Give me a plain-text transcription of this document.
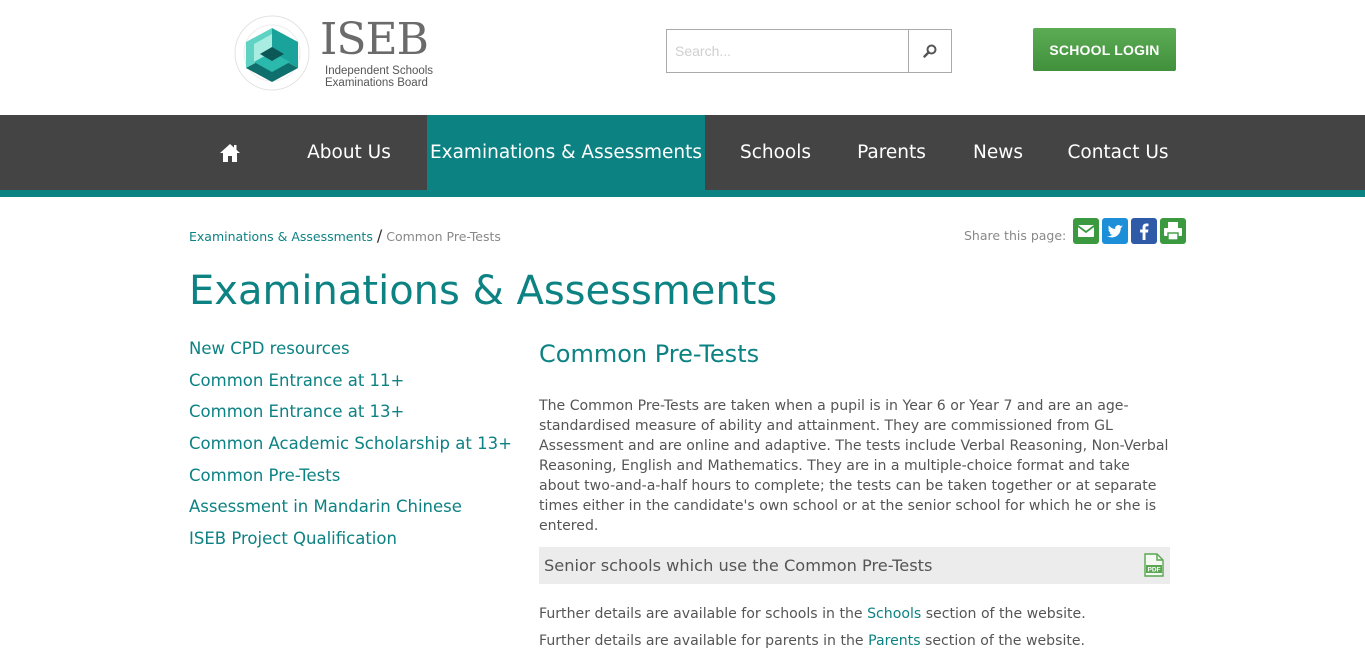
ISEB
Independent Schools
Examinations Board
Search...
SCHOOL LOGIN
About Us	Examinations & Assessments	Schools	Parents	News	Contact Us
Examinations & Assessments / Common Pre-Tests	Share this page:
Examinations & Assessments
New CPD resources
Common Entrance at 11+
Common Entrance at 13+
Common Academic Scholarship at 13+
Common Pre-Tests
Assessment in Mandarin Chinese
ISEB Project Qualification
Common Pre-Tests

The Common Pre-Tests are taken when a pupil is in Year 6 or Year 7 and are an age-standardised measure of ability and attainment. They are commissioned from GL Assessment and are online and adaptive. The tests include Verbal Reasoning, Non-Verbal Reasoning, English and Mathematics. They are in a multiple-choice format and take about two-and-a-half hours to complete; the tests can be taken together or at separate times either in the candidate's own school or at the senior school for which he or she is entered.

Senior schools which use the Common Pre-Tests	PDF

Further details are available for schools in the Schools section of the website.

Further details are available for parents in the Parents section of the website.
